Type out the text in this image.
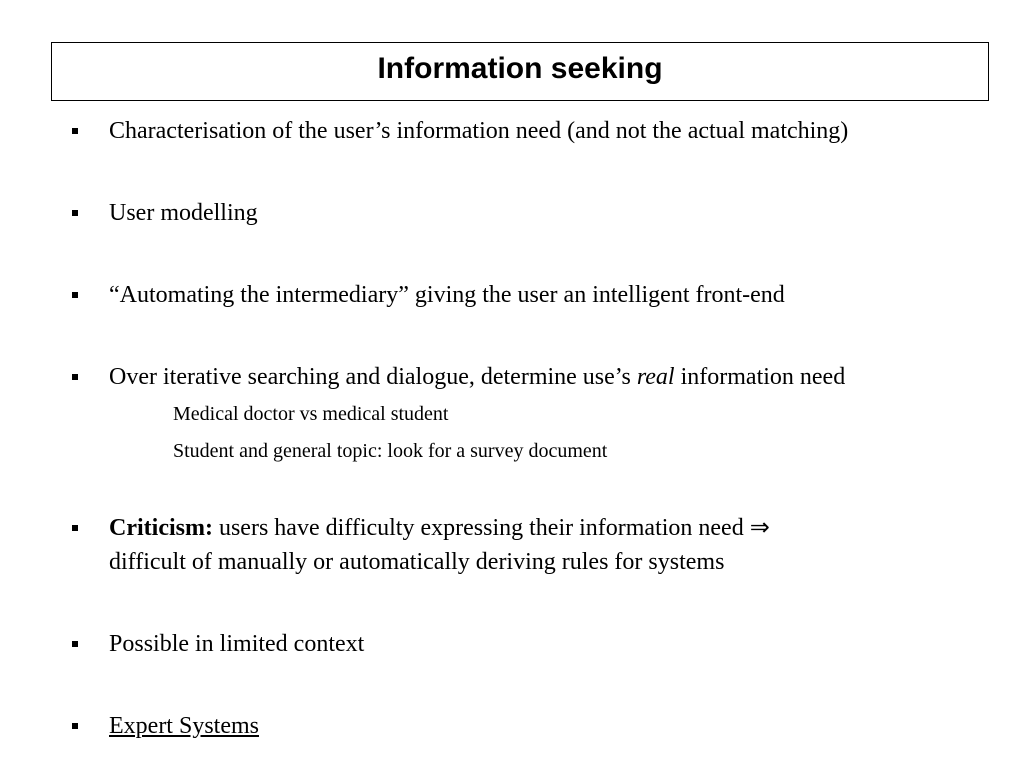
Information seeking
Characterisation of the user’s information need (and not the actual matching)
User modelling
“Automating the intermediary” giving the user an intelligent front-end
Over iterative searching and dialogue, determine use’s real information need
Medical doctor vs medical student
Student and general topic: look for a survey document
Criticism: users have difficulty expressing their information need ⇒
difficult of manually or automatically deriving rules for systems
Possible in limited context
Expert Systems
